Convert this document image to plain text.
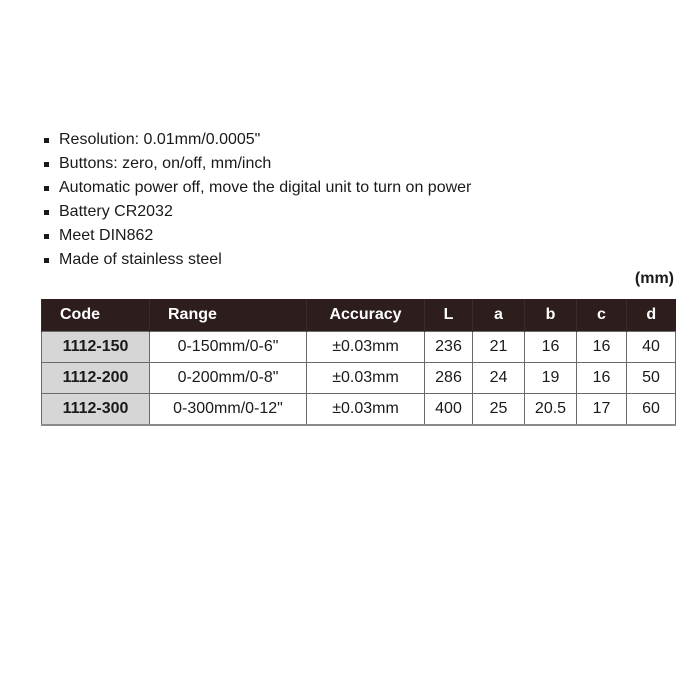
Resolution: 0.01mm/0.0005"
Buttons: zero, on/off, mm/inch
Automatic power off, move the digital unit to turn on power
Battery CR2032
Meet DIN862
Made of stainless steel
(mm)
Code	Range	Accuracy	L	a	b	c	d
1112-150	0-150mm/0-6"	±0.03mm	236	21	16	16	40
1112-200	0-200mm/0-8"	±0.03mm	286	24	19	16	50
1112-300	0-300mm/0-12"	±0.03mm	400	25	20.5	17	60
